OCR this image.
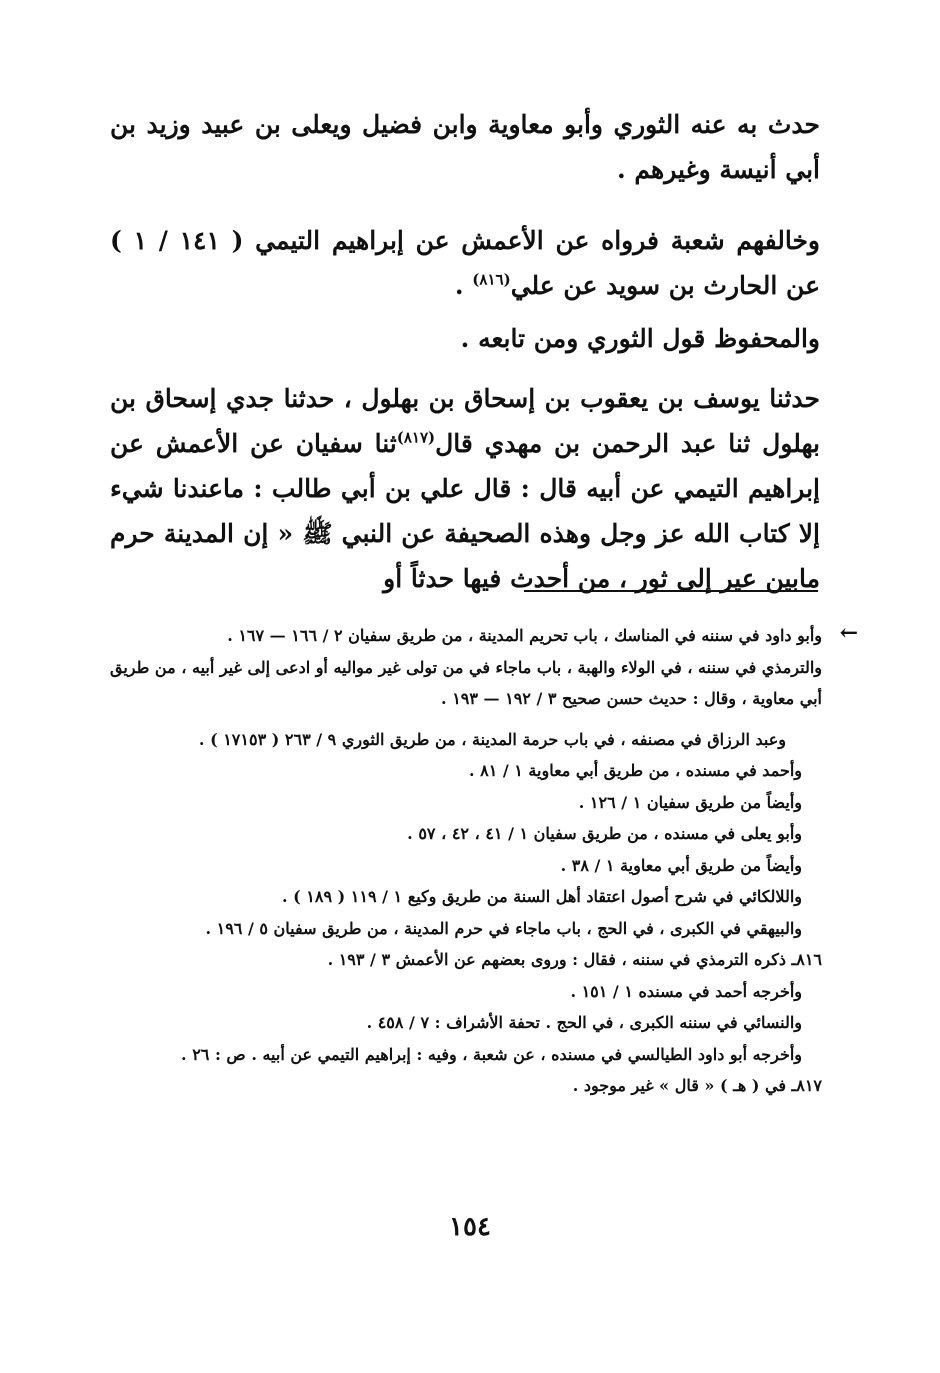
حدث به عنه الثوري وأبو معاوية وابن فضيل ويعلى بن عبيد وزيد بن أبي أنيسة وغيرهم .

وخالفهم شعبة فرواه عن الأعمش عن إبراهيم التيمي ( ١٤١ / ١ ) عن الحارث بن سويد عن علي$^{(٨١٦)}$ .

والمحفوظ قول الثوري ومن تابعه .

حدثنا يوسف بن يعقوب بن إسحاق بن بهلول ، حدثنا جدي إسحاق بن بهلول ثنا عبد الرحمن بن مهدي قال$^{(٨١٧)}$ثنا سفيان عن الأعمش عن إبراهيم التيمي عن أبيه قال : قال علي بن أبي طالب : ماعندنا شيء إلا كتاب الله عز وجل وهذه الصحيفة عن النبي ﷺ « إن المدينة حرم مابين عير إلى ثور ، من أحدث فيها حدثاً أو

←

وأبو داود في سننه في المناسك ، باب تحريم المدينة ، من طريق سفيان ٢ / ١٦٦ — ١٦٧ .

والترمذي في سننه ، في الولاء والهبة ، باب ماجاء في من تولى غير مواليه أو ادعى إلى غير أبيه ، من طريق أبي معاوية ، وقال : حديث حسن صحيح ٣ / ١٩٢ — ١٩٣ .

وعبد الرزاق في مصنفه ، في باب حرمة المدينة ، من طريق الثوري ٩ / ٢٦٣ ( ١٧١٥٣ ) .

وأحمد في مسنده ، من طريق أبي معاوية ١ / ٨١ .

وأيضاً من طريق سفيان ١ / ١٢٦ .

وأبو يعلى في مسنده ، من طريق سفيان ١ / ٤١ ، ٤٢ ، ٥٧ .

وأيضاً من طريق أبي معاوية ١ / ٣٨ .

واللالكائي في شرح أصول اعتقاد أهل السنة من طريق وكيع ١ / ١١٩ ( ١٨٩ ) .

والبيهقي في الكبرى ، في الحج ، باب ماجاء في حرم المدينة ، من طريق سفيان ٥ / ١٩٦ .

٨١٦ـ ذكره الترمذي في سننه ، فقال : وروى بعضهم عن الأعمش ٣ / ١٩٣ .

وأخرجه أحمد في مسنده ١ / ١٥١ .

والنسائي في سننه الكبرى ، في الحج . تحفة الأشراف : ٧ / ٤٥٨ .

وأخرجه أبو داود الطيالسي في مسنده ، عن شعبة ، وفيه : إبراهيم التيمي عن أبيه . ص : ٢٦ .

٨١٧ـ في ( هـ ) « قال » غير موجود .

١٥٤
